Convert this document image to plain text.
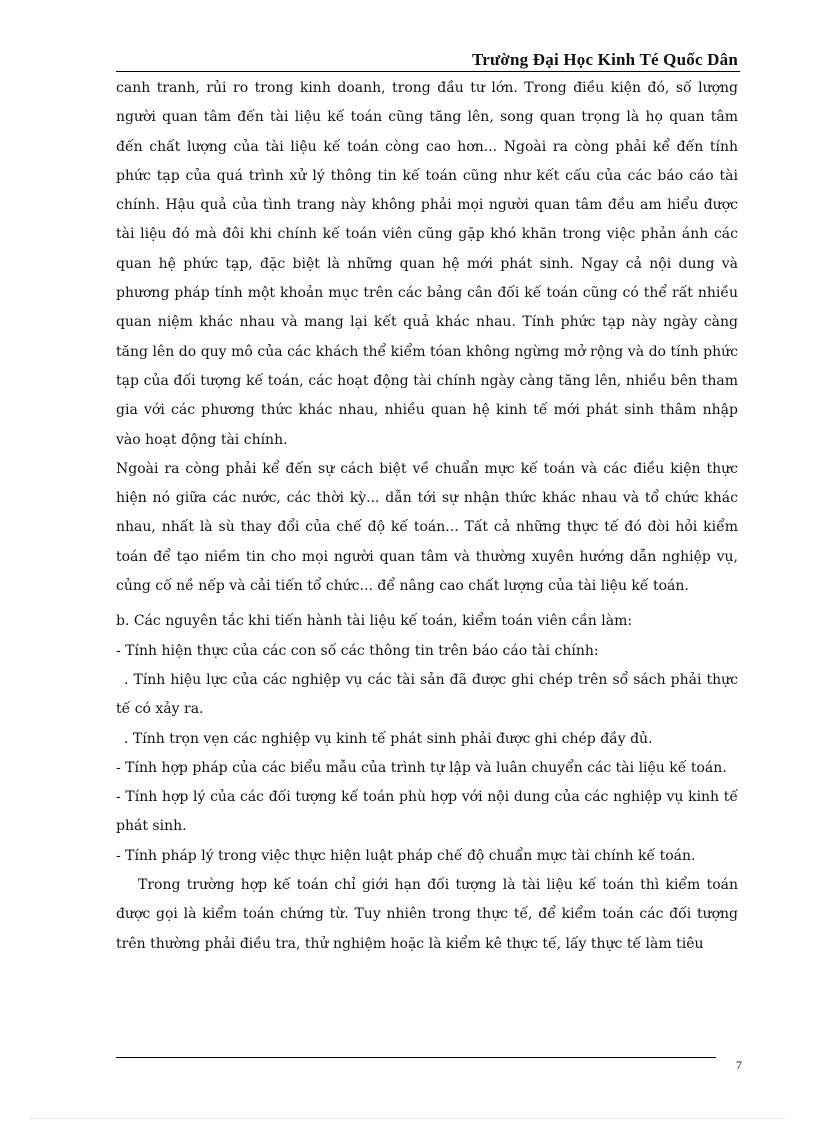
Trường Đại Học Kinh Té Quốc Dân

canh tranh, rủi ro trong kinh doanh, trong đầu tư lớn. Trong điều kiện đó, số lượng người quan tâm đến tài liệu kế toán cũng tăng lên, song quan trọng là họ quan tâm đến chất lượng của tài liệu kế toán còng cao hơn... Ngoài ra còng phải kể đến tính phức tạp của quá trình xử lý thông tin kế toán cũng như kết cấu của các báo cáo tài chính. Hậu quả của tình trang này không phải mọi người quan tâm đều am hiểu được tài liệu đó mà đôi khi chính kế toán viên cũng gặp khó khăn trong việc phản ánh các quan hệ phức tạp, đặc biệt là những quan hệ mới phát sinh. Ngay cả nội dung và phương pháp tính một khoản mục trên các bảng cân đối kế toán cũng có thể rất nhiều quan niệm khác nhau và mang lại kết quả khác nhau. Tính phức tạp này ngày càng tăng lên do quy mô của các khách thể kiểm tóan không ngừng mở rộng và do tính phức tạp của đối tượng kế toán, các hoạt động tài chính ngày càng tăng lên, nhiều bên tham gia với các phương thức khác nhau, nhiều quan hệ kinh tế mới phát sinh thâm nhập vào hoạt động tài chính.

Ngoài ra còng phải kể đến sự cách biệt về chuẩn mực kế toán và các điều kiện thực hiện nó giữa các nước, các thời kỳ... dẫn tới sự nhận thức khác nhau và tổ chức khác nhau, nhất là sù thay đổi của chế độ kế toán... Tất cả những thực tế đó đòi hỏi kiểm toán để tạo niềm tin cho mọi người quan tâm và thường xuyên hướng dẫn nghiệp vụ, củng cố nề nếp và cải tiến tổ chức... để nâng cao chất lượng của tài liệu kế toán.

b. Các nguyên tắc khi tiến hành tài liệu kế toán, kiểm toán viên cần làm:

- Tính hiện thực của các con số các thông tin trên báo cáo tài chính:

. Tính hiệu lực của các nghiệp vụ các tài sản đã được ghi chép trên sổ sách phải thực tế có xảy ra.

. Tính trọn vẹn các nghiệp vụ kinh tế phát sinh phải được ghi chép đầy đủ.

- Tính hợp pháp của các biểu mẫu của trình tự lập và luân chuyển các tài liệu kế toán.

- Tính hợp lý của các đối tượng kế toán phù hợp với nội dung của các nghiệp vụ kinh tế phát sinh.

- Tính pháp lý trong việc thực hiện luật pháp chế độ chuẩn mực tài chính kế toán.

Trong trường hợp kế toán chỉ giới hạn đối tượng là tài liệu kế toán thì kiểm toán được gọi là kiểm toán chứng từ. Tuy nhiên trong thực tế, để kiểm toán các đối tượng trên thường phải điều tra, thử nghiệm hoặc là kiểm kê thực tế, lấy thực tế làm tiêu

7
